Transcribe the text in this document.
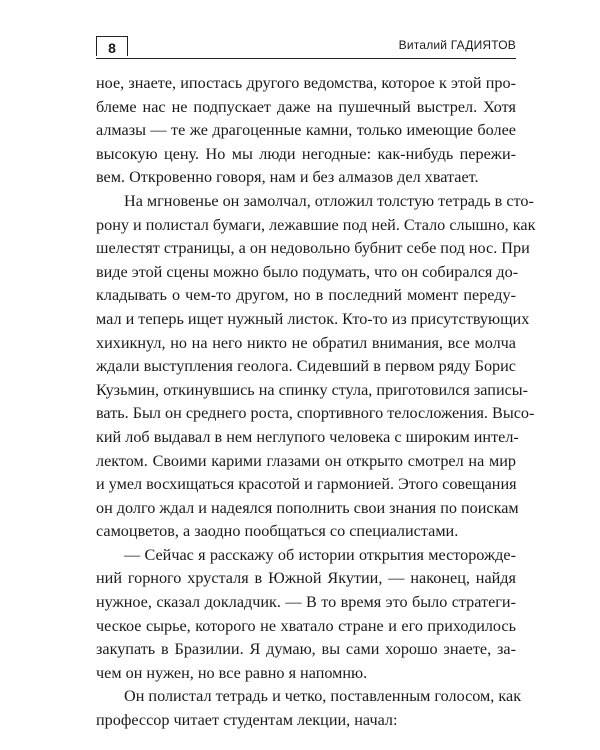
8	Виталий ГАДИЯТОВ
ное, знаете, ипостась другого ведомства, которое к этой про-
блеме нас не подпускает даже на пушечный выстрел. Хотя
алмазы — те же драгоценные камни, только имеющие более
высокую цену. Но мы люди негодные: как-нибудь пережи-
вем. Откровенно говоря, нам и без алмазов дел хватает.
На мгновенье он замолчал, отложил толстую тетрадь в сто-
рону и полистал бумаги, лежавшие под ней. Стало слышно, как
шелестят страницы, а он недовольно бубнит себе под нос. При
виде этой сцены можно было подумать, что он собирался до-
кладывать о чем-то другом, но в последний момент переду-
мал и теперь ищет нужный листок. Кто-то из присутствующих
хихикнул, но на него никто не обратил внимания, все молча
ждали выступления геолога. Сидевший в первом ряду Борис
Кузьмин, откинувшись на спинку стула, приготовился записы-
вать. Был он среднего роста, спортивного телосложения. Высо-
кий лоб выдавал в нем неглупого человека с широким интел-
лектом. Своими карими глазами он открыто смотрел на мир
и умел восхищаться красотой и гармонией. Этого совещания
он долго ждал и надеялся пополнить свои знания по поискам
самоцветов, а заодно пообщаться со специалистами.
— Сейчас я расскажу об истории открытия месторожде-
ний горного хрусталя в Южной Якутии, — наконец, найдя
нужное, сказал докладчик. — В то время это было стратеги-
ческое сырье, которого не хватало стране и его приходилось
закупать в Бразилии. Я думаю, вы сами хорошо знаете, за-
чем он нужен, но все равно я напомню.
Он полистал тетрадь и четко, поставленным голосом, как
профессор читает студентам лекции, начал:
